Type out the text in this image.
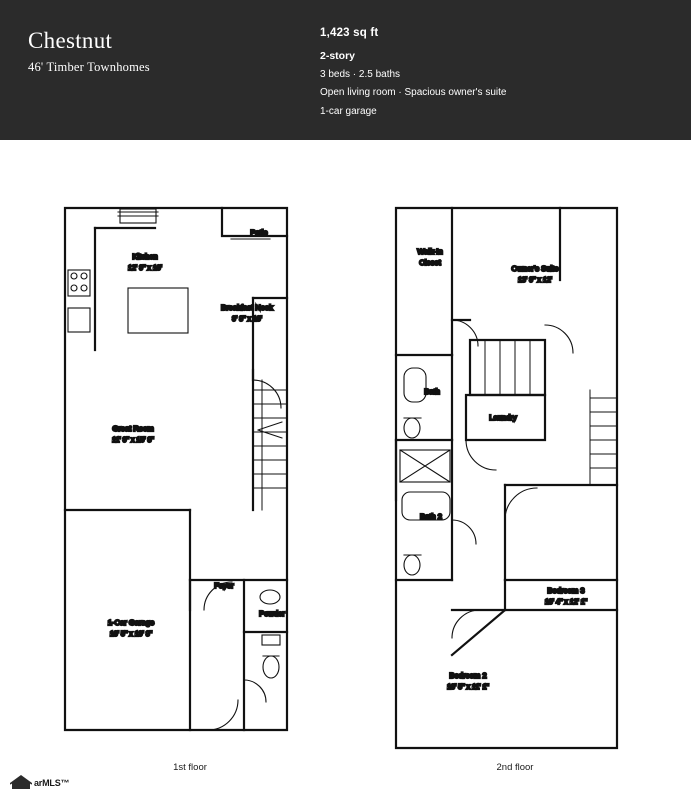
Chestnut
46' Timber Townhomes
1,423 sq ft
2-story
3 beds · 2.5 baths
Open living room · Spacious owner's suite
1-car garage
Kitchen
12' 9" x 10'
Patio
Breakfast Nook
9' 8" x 10'
Great Room
11' 9" x 15' 8"
Foyer
Powder
1-Car Garage
10' 5" x 19' 8"
Walk-In
Closet
Owner's Suite
13' 9" x 12'
Bath
Laundry
Bath 2
Bedroom 3
10' 4" x 12' 1"
Bedroom 2
10' 5" x 11' 1"
1st floor	2nd floor
arMLS™
